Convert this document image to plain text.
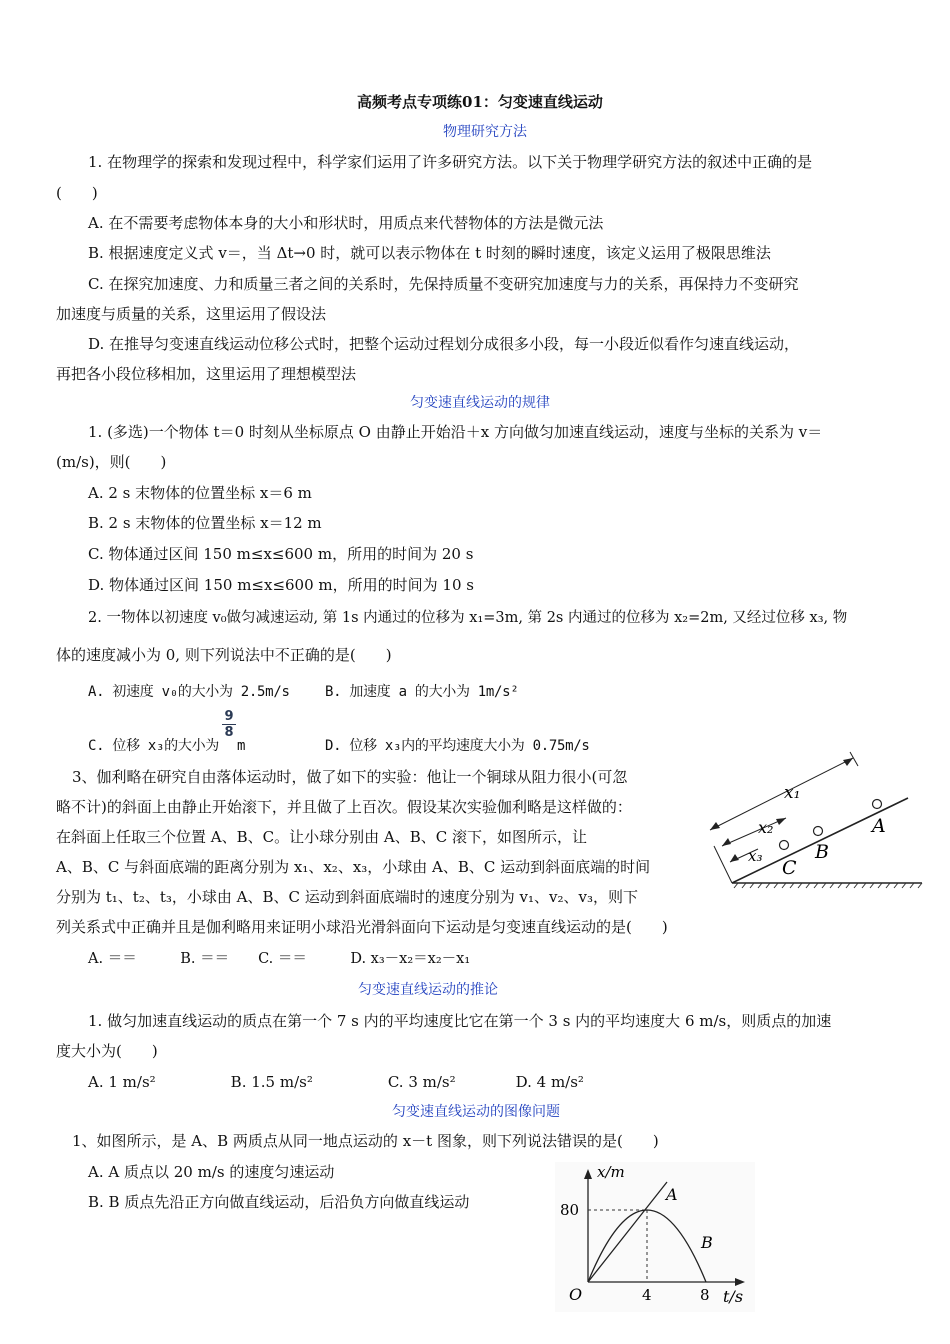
高频考点专项练01：匀变速直线运动
物理研究方法
1. 在物理学的探索和发现过程中，科学家们运用了许多研究方法。以下关于物理学研究方法的叙述中正确的是
(　　)
A. 在不需要考虑物体本身的大小和形状时，用质点来代替物体的方法是微元法
B. 根据速度定义式 v＝，当 Δt→0 时，就可以表示物体在 t 时刻的瞬时速度，该定义运用了极限思维法
C. 在探究加速度、力和质量三者之间的关系时，先保持质量不变研究加速度与力的关系，再保持力不变研究
加速度与质量的关系，这里运用了假设法
D. 在推导匀变速直线运动位移公式时，把整个运动过程划分成很多小段，每一小段近似看作匀速直线运动，
再把各小段位移相加，这里运用了理想模型法
匀变速直线运动的规律
1. (多选)一个物体 t＝0 时刻从坐标原点 O 由静止开始沿＋x 方向做匀加速直线运动，速度与坐标的关系为 v＝
(m/s)，则(　　)
A. 2 s 末物体的位置坐标 x＝6 m
B. 2 s 末物体的位置坐标 x＝12 m
C. 物体通过区间 150 m≤x≤600 m，所用的时间为 20 s
D. 物体通过区间 150 m≤x≤600 m，所用的时间为 10 s
2. 一物体以初速度 v₀做匀减速运动, 第 1s 内通过的位移为 x₁=3m, 第 2s 内通过的位移为 x₂=2m, 又经过位移 x₃, 物
体的速度减小为 0, 则下列说法中不正确的是(　　)
A. 初速度 v₀的大小为 2.5m/s	B. 加速度 a 的大小为 1m/s²
C. 位移 x₃的大小为
9
8
m	D. 位移 x₃内的平均速度大小为 0.75m/s
3、伽利略在研究自由落体运动时，做了如下的实验：他让一个铜球从阻力很小(可忽
略不计)的斜面上由静止开始滚下，并且做了上百次。假设某次实验伽利略是这样做的：
在斜面上任取三个位置 A、B、C。让小球分别由 A、B、C 滚下，如图所示，让
A、B、C 与斜面底端的距离分别为 x₁、x₂、x₃，小球由 A、B、C 运动到斜面底端的时间
分别为 t₁、t₂、t₃，小球由 A、B、C 运动到斜面底端时的速度分别为 v₁、v₂、v₃，则下
列关系式中正确并且是伽利略用来证明小球沿光滑斜面向下运动是匀变速直线运动的是(　　)
A. ＝＝　　　B. ＝＝　　C. ＝＝　　　D. x₃－x₂＝x₂－x₁
x₁
x₂
x₃
C
B
A
匀变速直线运动的推论
1. 做匀加速直线运动的质点在第一个 7 s 内的平均速度比它在第一个 3 s 内的平均速度大 6 m/s，则质点的加速
度大小为(　　)
A. 1 m/s²　　　　　B. 1.5 m/s²　　　　　C. 3 m/s²　　　　D. 4 m/s²
匀变速直线运动的图像问题
1、如图所示，是 A、B 两质点从同一地点运动的 x－t 图象，则下列说法错误的是(　　)
A. A 质点以 20 m/s 的速度匀速运动
B. B 质点先沿正方向做直线运动，后沿负方向做直线运动
x/m
80
O	4	8 t/s
A
B
